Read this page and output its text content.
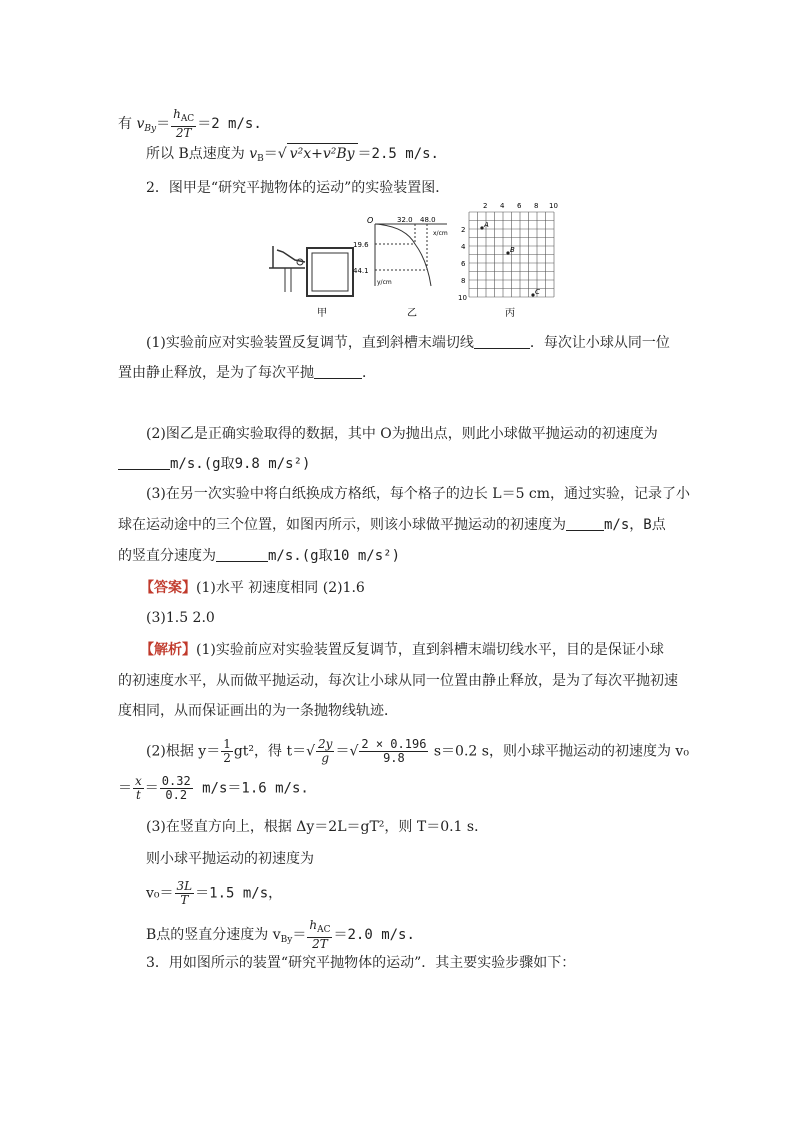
有 $v_{By}= \frac{h_{AC}}{2T} =2$ m/s.
所以 B点速度为 $v_B=√$ v²x+v²By ＝2.5 m/s.
2．图甲是“研究平抛物体的运动”的实验装置图．
甲
O	32.0 48.0
19.6
44.1
x/cm
y/cm
乙
2 4 6 8 10
2
4
6
8
10
A
B
C
丙
(1)实验前应对实验装置反复调节，直到斜槽末端切线	．每次让小球从同一位
置由静止释放，是为了每次平抛	．
(2)图乙是正确实验取得的数据，其中 O为抛出点，则此小球做平抛运动的初速度为
m/s.(g取9.8 m/s²)
(3)在另一次实验中将白纸换成方格纸，每个格子的边长 L＝5 cm，通过实验，记录了小
球在运动途中的三个位置，如图丙所示，则该小球做平抛运动的初速度为	m/s，B点
的竖直分速度为	m/s.(g取10 m/s²)
【答案】(1)水平 初速度相同 (2)1.6
(3)1.5 2.0
【解析】(1)实验前应对实验装置反复调节，直到斜槽末端切线水平，目的是保证小球
的初速度水平，从而做平抛运动，每次让小球从同一位置由静止释放，是为了每次平抛初速
度相同，从而保证画出的为一条抛物线轨迹．
(2)根据 $y= \frac{1}{2} gt^2$，得 $t=√ \frac{2y}{g}$ ＝√ $\frac{2 \times 0.196}{9.8} s=0.2$ s，则小球平抛运动的初速度为 v₀
＝ $\frac{x}{t} = \frac{0.32}{0.2} m/s=1.6$ m/s.
(3)在竖直方向上，根据 Δy＝2L＝gT²，则 T＝0.1 s．
则小球平抛运动的初速度为
$v_0= \frac{3L}{T} =1.5$ m/s，
B点的竖直分速度为 $v_{By}= \frac{h_{AC}}{2T} =2.0$ m/s.
3．用如图所示的装置“研究平抛物体的运动”．其主要实验步骤如下：
